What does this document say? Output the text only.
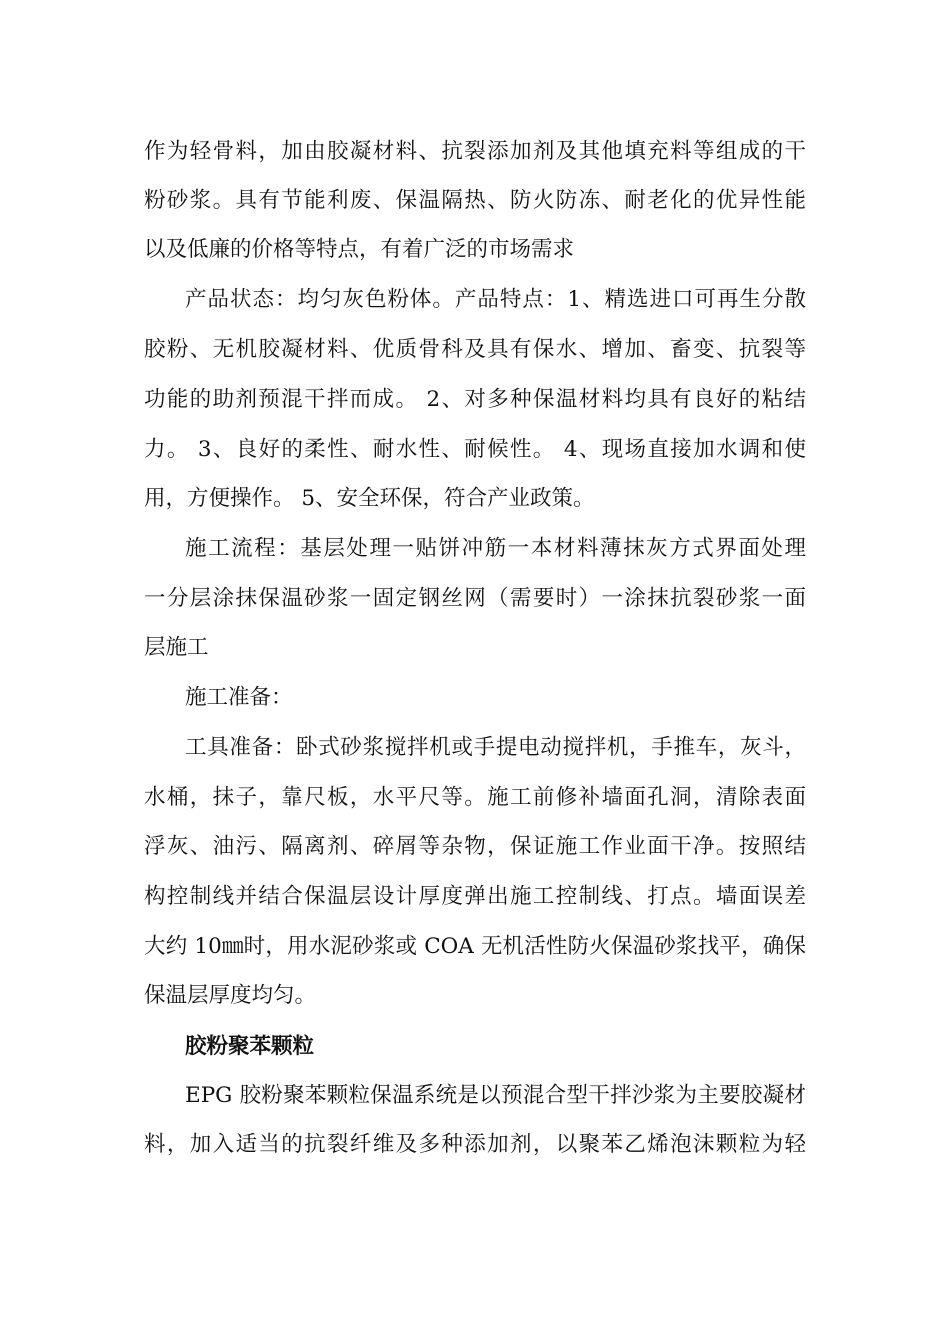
作为轻骨料，加由胶凝材料、抗裂添加剂及其他填充料等组成的干
粉砂浆。具有节能利废、保温隔热、防火防冻、耐老化的优异性能
以及低廉的价格等特点，有着广泛的市场需求
产品状态：均匀灰色粉体。产品特点：1、精选进口可再生分散
胶粉、无机胶凝材料、优质骨科及具有保水、增加、畜变、抗裂等
功能的助剂预混干拌而成。 2、对多种保温材料均具有良好的粘结
力。 3、良好的柔性、耐水性、耐候性。 4、现场直接加水调和使
用，方便操作。 5、安全环保，符合产业政策。
施工流程：基层处理一贴饼冲筋一本材料薄抹灰方式界面处理
一分层涂抹保温砂浆一固定钢丝网（需要时）一涂抹抗裂砂浆一面
层施工
施工准备：
工具准备：卧式砂浆搅拌机或手提电动搅拌机，手推车，灰斗，
水桶，抹子，靠尺板，水平尺等。施工前修补墙面孔洞，清除表面
浮灰、油污、隔离剂、碎屑等杂物，保证施工作业面干净。按照结
构控制线并结合保温层设计厚度弹出施工控制线、打点。墙面误差
大约 10㎜时，用水泥砂浆或 COA 无机活性防火保温砂浆找平，确保
保温层厚度均匀。
胶粉聚苯颗粒
EPG 胶粉聚苯颗粒保温系统是以预混合型干拌沙浆为主要胶凝材
料，加入适当的抗裂纤维及多种添加剂，以聚苯乙烯泡沫颗粒为轻
